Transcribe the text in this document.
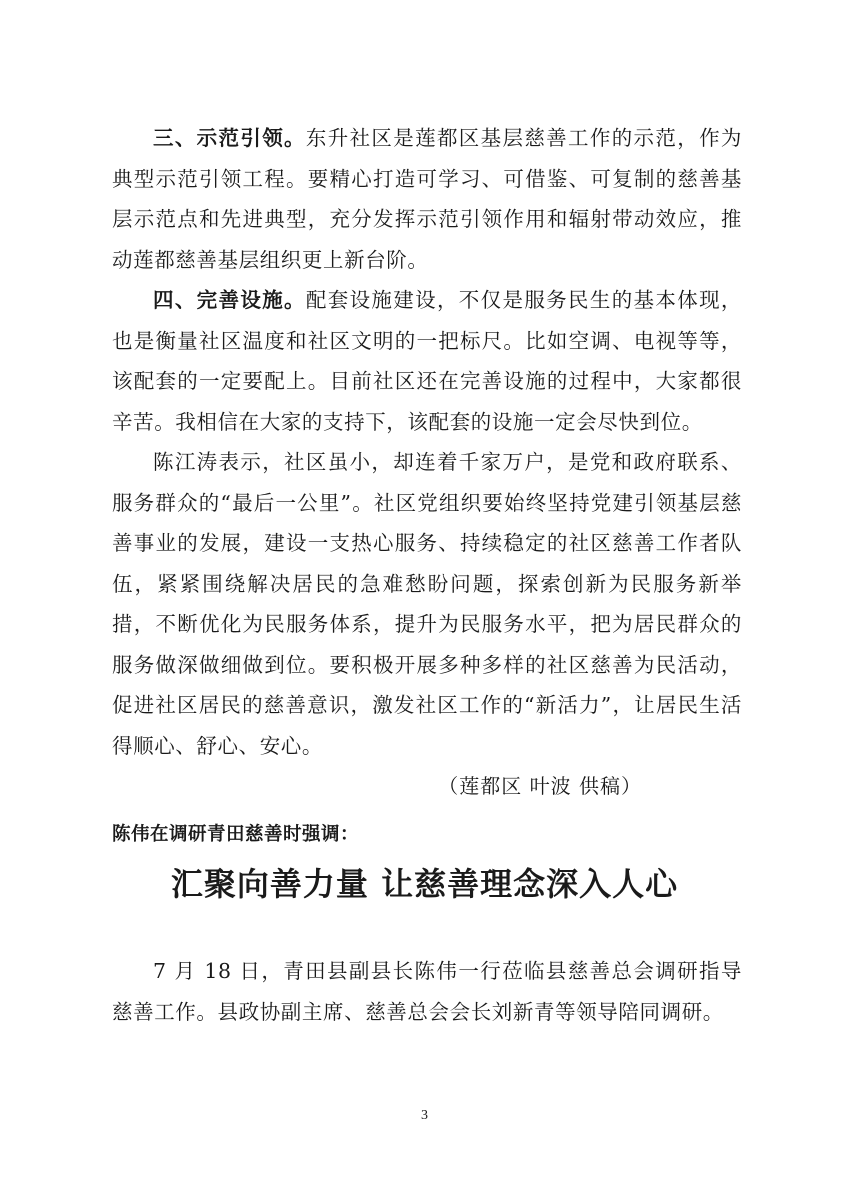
三、示范引领。东升社区是莲都区基层慈善工作的示范，作为典型示范引领工程。要精心打造可学习、可借鉴、可复制的慈善基层示范点和先进典型，充分发挥示范引领作用和辐射带动效应，推动莲都慈善基层组织更上新台阶。

四、完善设施。配套设施建设，不仅是服务民生的基本体现，也是衡量社区温度和社区文明的一把标尺。比如空调、电视等等，该配套的一定要配上。目前社区还在完善设施的过程中，大家都很辛苦。我相信在大家的支持下，该配套的设施一定会尽快到位。

陈江涛表示，社区虽小，却连着千家万户，是党和政府联系、服务群众的“最后一公里”。社区党组织要始终坚持党建引领基层慈善事业的发展，建设一支热心服务、持续稳定的社区慈善工作者队伍，紧紧围绕解决居民的急难愁盼问题，探索创新为民服务新举措，不断优化为民服务体系，提升为民服务水平，把为居民群众的服务做深做细做到位。要积极开展多种多样的社区慈善为民活动，促进社区居民的慈善意识，激发社区工作的“新活力”，让居民生活得顺心、舒心、安心。

（莲都区 叶波 供稿）

陈伟在调研青田慈善时强调：
汇聚向善力量 让慈善理念深入人心

7 月 18 日，青田县副县长陈伟一行莅临县慈善总会调研指导慈善工作。县政协副主席、慈善总会会长刘新青等领导陪同调研。

3
